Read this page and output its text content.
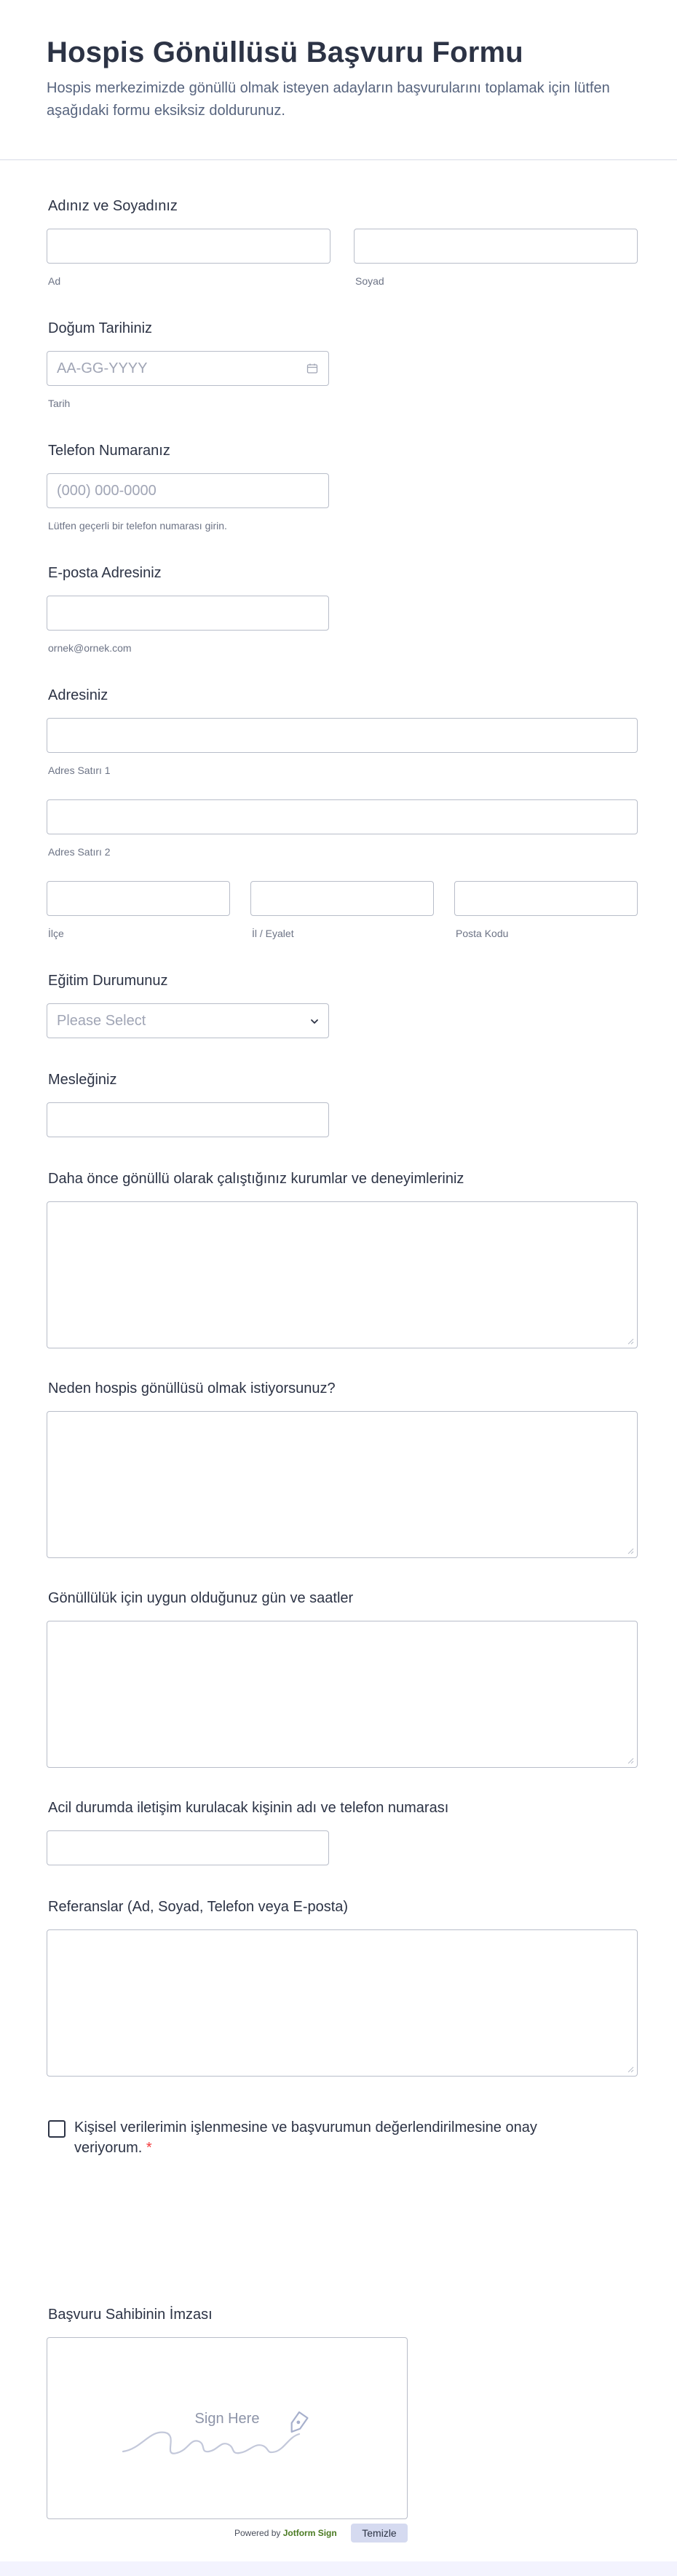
Hospis Gönüllüsü Başvuru Formu
Hospis merkezimizde gönüllü olmak isteyen adayların başvurularını toplamak için lütfen aşağıdaki formu eksiksiz doldurunuz.
Adınız ve Soyadınız
Ad	Soyad
Doğum Tarihiniz
AA-GG-YYYY
Tarih
Telefon Numaranız
(000) 000-0000
Lütfen geçerli bir telefon numarası girin.
E-posta Adresiniz
ornek@ornek.com
Adresiniz
Adres Satırı 1
Adres Satırı 2
İlçe	İl / Eyalet	Posta Kodu
Eğitim Durumunuz
Please Select
Mesleğiniz
Daha önce gönüllü olarak çalıştığınız kurumlar ve deneyimleriniz
Neden hospis gönüllüsü olmak istiyorsunuz?
Gönüllülük için uygun olduğunuz gün ve saatler
Acil durumda iletişim kurulacak kişinin adı ve telefon numarası
Referanslar (Ad, Soyad, Telefon veya E-posta)
Kişisel verilerimin işlenmesine ve başvurumun değerlendirilmesine onay veriyorum. *
Başvuru Sahibinin İmzası
Sign Here
Powered by Jotform Sign	Temizle
